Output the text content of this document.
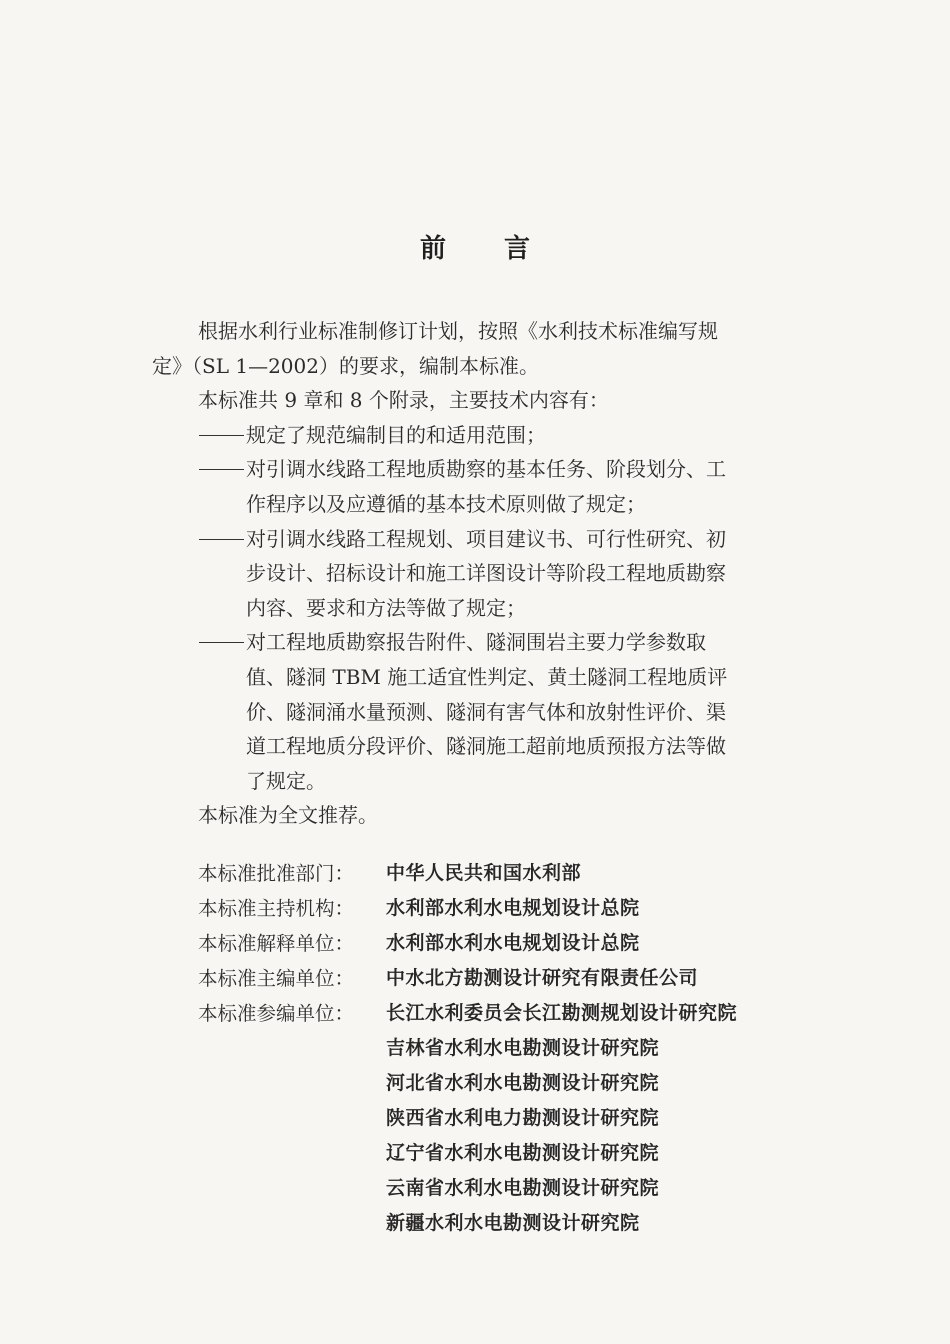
前 言

根据水利行业标准制修订计划，按照《水利技术标准编写规

定》（SL 1—2002）的要求，编制本标准。

本标准共 9 章和 8 个附录，主要技术内容有：

规定了规范编制目的和适用范围；

对引调水线路工程地质勘察的基本任务、阶段划分、工

作程序以及应遵循的基本技术原则做了规定；

对引调水线路工程规划、项目建议书、可行性研究、初

步设计、招标设计和施工详图设计等阶段工程地质勘察

内容、要求和方法等做了规定；

对工程地质勘察报告附件、隧洞围岩主要力学参数取

值、隧洞 TBM 施工适宜性判定、黄土隧洞工程地质评

价、隧洞涌水量预测、隧洞有害气体和放射性评价、渠

道工程地质分段评价、隧洞施工超前地质预报方法等做

了规定。

本标准为全文推荐。

本标准批准部门：	中华人民共和国水利部
本标准主持机构：	水利部水利水电规划设计总院
本标准解释单位：	水利部水利水电规划设计总院
本标准主编单位：	中水北方勘测设计研究有限责任公司
本标准参编单位：	长江水利委员会长江勘测规划设计研究院
吉林省水利水电勘测设计研究院
河北省水利水电勘测设计研究院
陕西省水利电力勘测设计研究院
辽宁省水利水电勘测设计研究院
云南省水利水电勘测设计研究院
新疆水利水电勘测设计研究院
